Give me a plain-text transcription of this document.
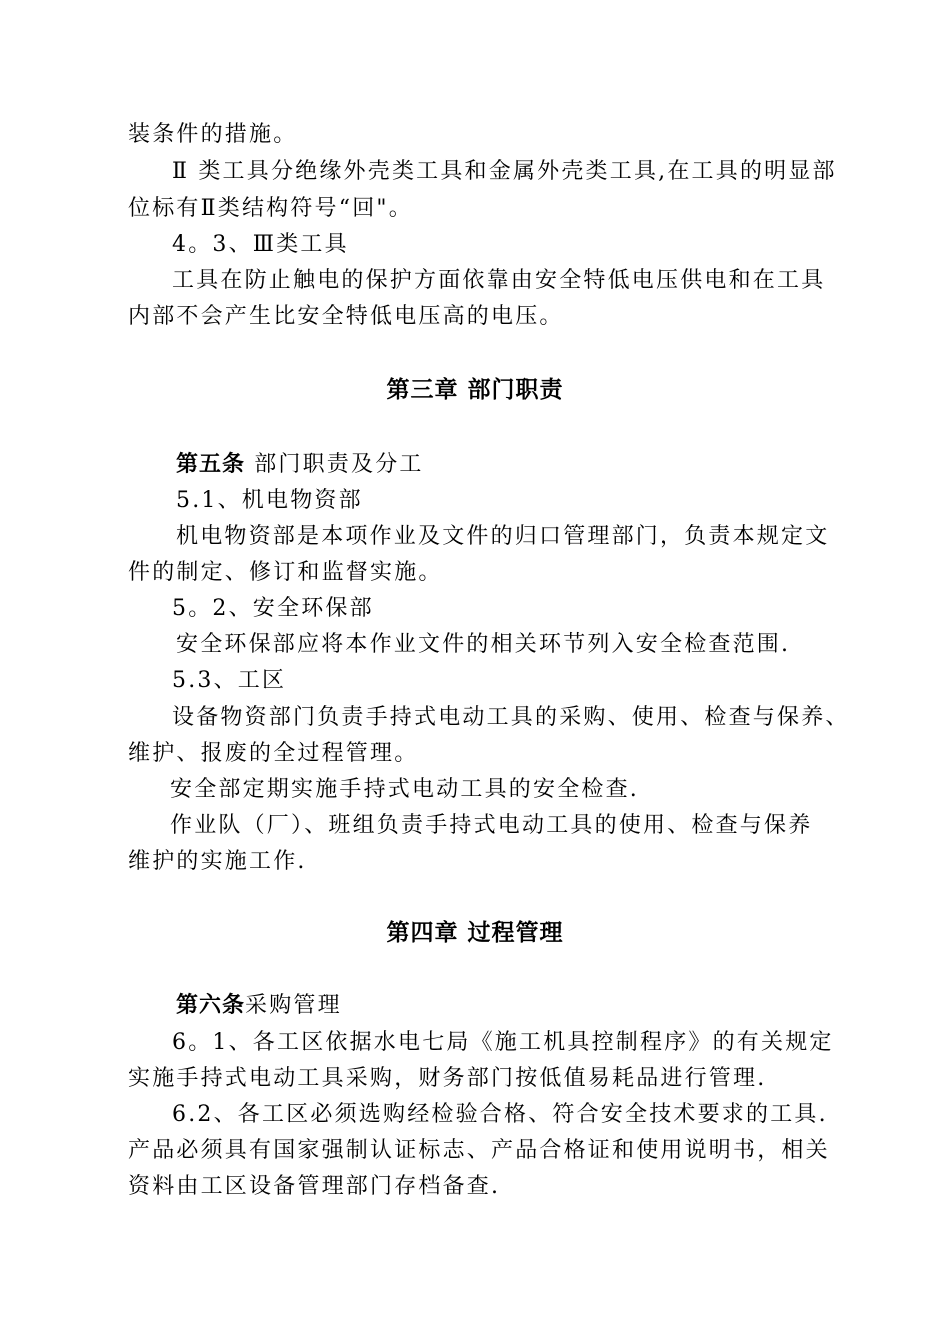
装条件的措施。
Ⅱ 类工具分绝缘外壳类工具和金属外壳类工具,在工具的明显部
位标有Ⅱ类结构符号“回"。
4。3、Ⅲ类工具
工具在防止触电的保护方面依靠由安全特低电压供电和在工具
内部不会产生比安全特低电压高的电压。
第三章 部门职责
第五条 部门职责及分工
5.1、机电物资部
机电物资部是本项作业及文件的归口管理部门，负责本规定文
件的制定、修订和监督实施。
5。2、安全环保部
安全环保部应将本作业文件的相关环节列入安全检查范围.
5.3、工区
设备物资部门负责手持式电动工具的采购、使用、检查与保养、
维护、报废的全过程管理。
安全部定期实施手持式电动工具的安全检查.
作业队（厂）、班组负责手持式电动工具的使用、检查与保养
维护的实施工作.
第四章 过程管理
第六条采购管理
6。1、各工区依据水电七局《施工机具控制程序》的有关规定
实施手持式电动工具采购，财务部门按低值易耗品进行管理.
6.2、各工区必须选购经检验合格、符合安全技术要求的工具.
产品必须具有国家强制认证标志、产品合格证和使用说明书，相关
资料由工区设备管理部门存档备查.
